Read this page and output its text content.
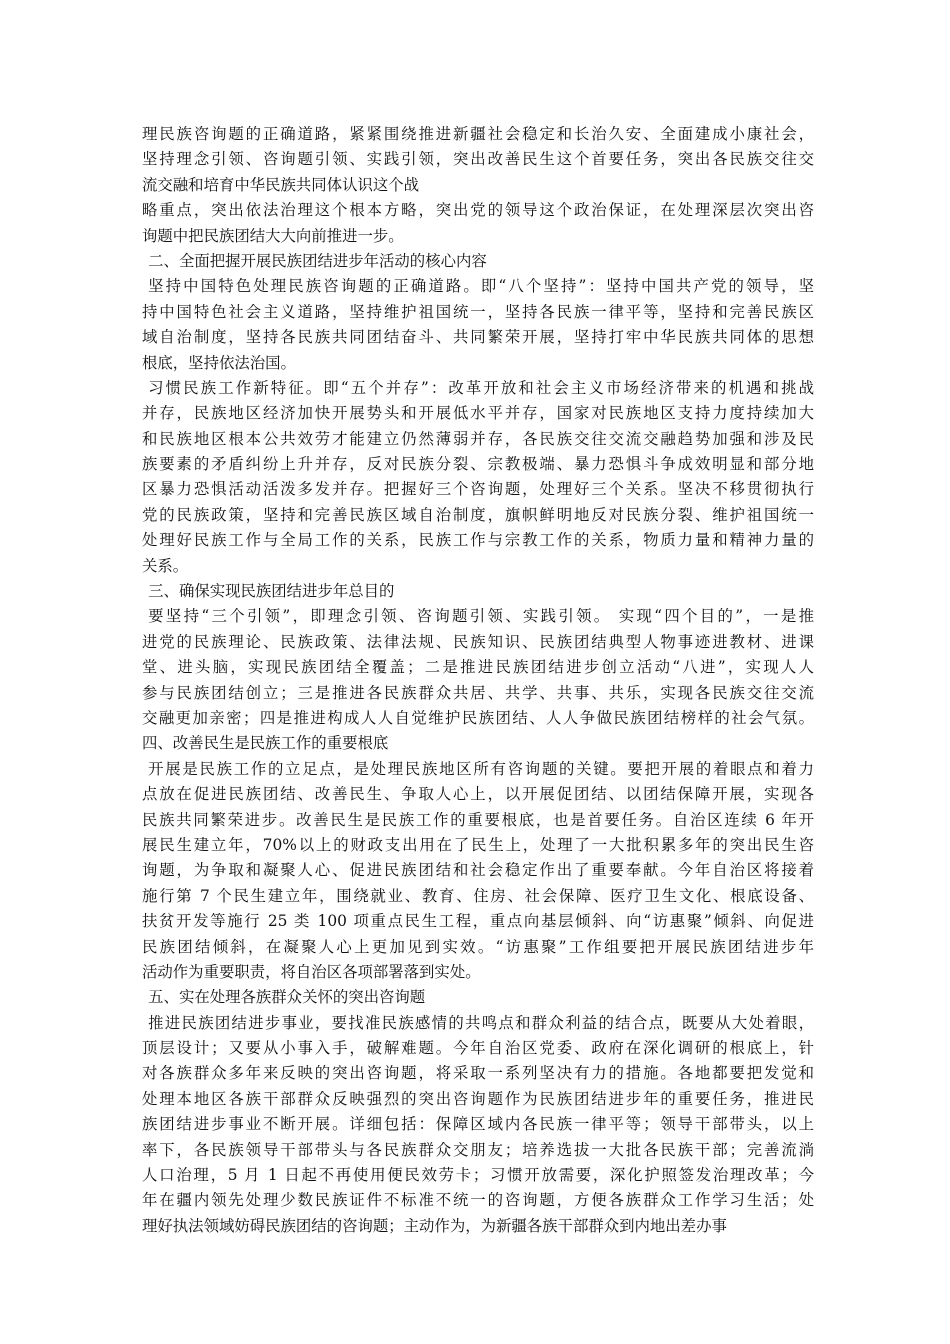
理民族咨询题的正确道路，紧紧围绕推进新疆社会稳定和长治久安、全面建成小康社会，
坚持理念引领、咨询题引领、实践引领，突出改善民生这个首要任务，突出各民族交往交
流交融和培育中华民族共同体认识这个战
略重点，突出依法治理这个根本方略，突出党的领导这个政治保证，在处理深层次突出咨
询题中把民族团结大大向前推进一步。
二、全面把握开展民族团结进步年活动的核心内容
坚持中国特色处理民族咨询题的正确道路。即“八个坚持”：坚持中国共产党的领导，坚
持中国特色社会主义道路，坚持维护祖国统一，坚持各民族一律平等，坚持和完善民族区
域自治制度，坚持各民族共同团结奋斗、共同繁荣开展，坚持打牢中华民族共同体的思想
根底，坚持依法治国。
习惯民族工作新特征。即“五个并存”：改革开放和社会主义市场经济带来的机遇和挑战
并存，民族地区经济加快开展势头和开展低水平并存，国家对民族地区支持力度持续加大
和民族地区根本公共效劳才能建立仍然薄弱并存，各民族交往交流交融趋势加强和涉及民
族要素的矛盾纠纷上升并存，反对民族分裂、宗教极端、暴力恐惧斗争成效明显和部分地
区暴力恐惧活动活泼多发并存。把握好三个咨询题，处理好三个关系。坚决不移贯彻执行
党的民族政策，坚持和完善民族区域自治制度，旗帜鲜明地反对民族分裂、维护祖国统一
处理好民族工作与全局工作的关系，民族工作与宗教工作的关系，物质力量和精神力量的
关系。
三、确保实现民族团结进步年总目的
要坚持“三个引领”，即理念引领、咨询题引领、实践引领。 实现“四个目的”，一是推
进党的民族理论、民族政策、法律法规、民族知识、民族团结典型人物事迹进教材、进课
堂、进头脑，实现民族团结全覆盖；二是推进民族团结进步创立活动“八进”，实现人人
参与民族团结创立；三是推进各民族群众共居、共学、共事、共乐，实现各民族交往交流
交融更加亲密；四是推进构成人人自觉维护民族团结、人人争做民族团结榜样的社会气氛。
四、改善民生是民族工作的重要根底
开展是民族工作的立足点，是处理民族地区所有咨询题的关键。要把开展的着眼点和着力
点放在促进民族团结、改善民生、争取人心上，以开展促团结、以团结保障开展，实现各
民族共同繁荣进步。改善民生是民族工作的重要根底，也是首要任务。自治区连续 6 年开
展民生建立年，70%以上的财政支出用在了民生上，处理了一大批积累多年的突出民生咨
询题，为争取和凝聚人心、促进民族团结和社会稳定作出了重要奉献。今年自治区将接着
施行第 7 个民生建立年，围绕就业、教育、住房、社会保障、医疗卫生文化、根底设备、
扶贫开发等施行 25 类 100 项重点民生工程，重点向基层倾斜、向“访惠聚”倾斜、向促进
民族团结倾斜，在凝聚人心上更加见到实效。“访惠聚”工作组要把开展民族团结进步年
活动作为重要职责，将自治区各项部署落到实处。
五、实在处理各族群众关怀的突出咨询题
推进民族团结进步事业，要找准民族感情的共鸣点和群众利益的结合点，既要从大处着眼，
顶层设计；又要从小事入手，破解难题。今年自治区党委、政府在深化调研的根底上，针
对各族群众多年来反映的突出咨询题，将采取一系列坚决有力的措施。各地都要把发觉和
处理本地区各族干部群众反映强烈的突出咨询题作为民族团结进步年的重要任务，推进民
族团结进步事业不断开展。详细包括：保障区域内各民族一律平等；领导干部带头，以上
率下，各民族领导干部带头与各民族群众交朋友；培养选拔一大批各民族干部；完善流淌
人口治理，5 月 1 日起不再使用便民效劳卡；习惯开放需要，深化护照签发治理改革；今
年在疆内领先处理少数民族证件不标准不统一的咨询题，方便各族群众工作学习生活；处
理好执法领域妨碍民族团结的咨询题；主动作为，为新疆各族干部群众到内地出差办事
